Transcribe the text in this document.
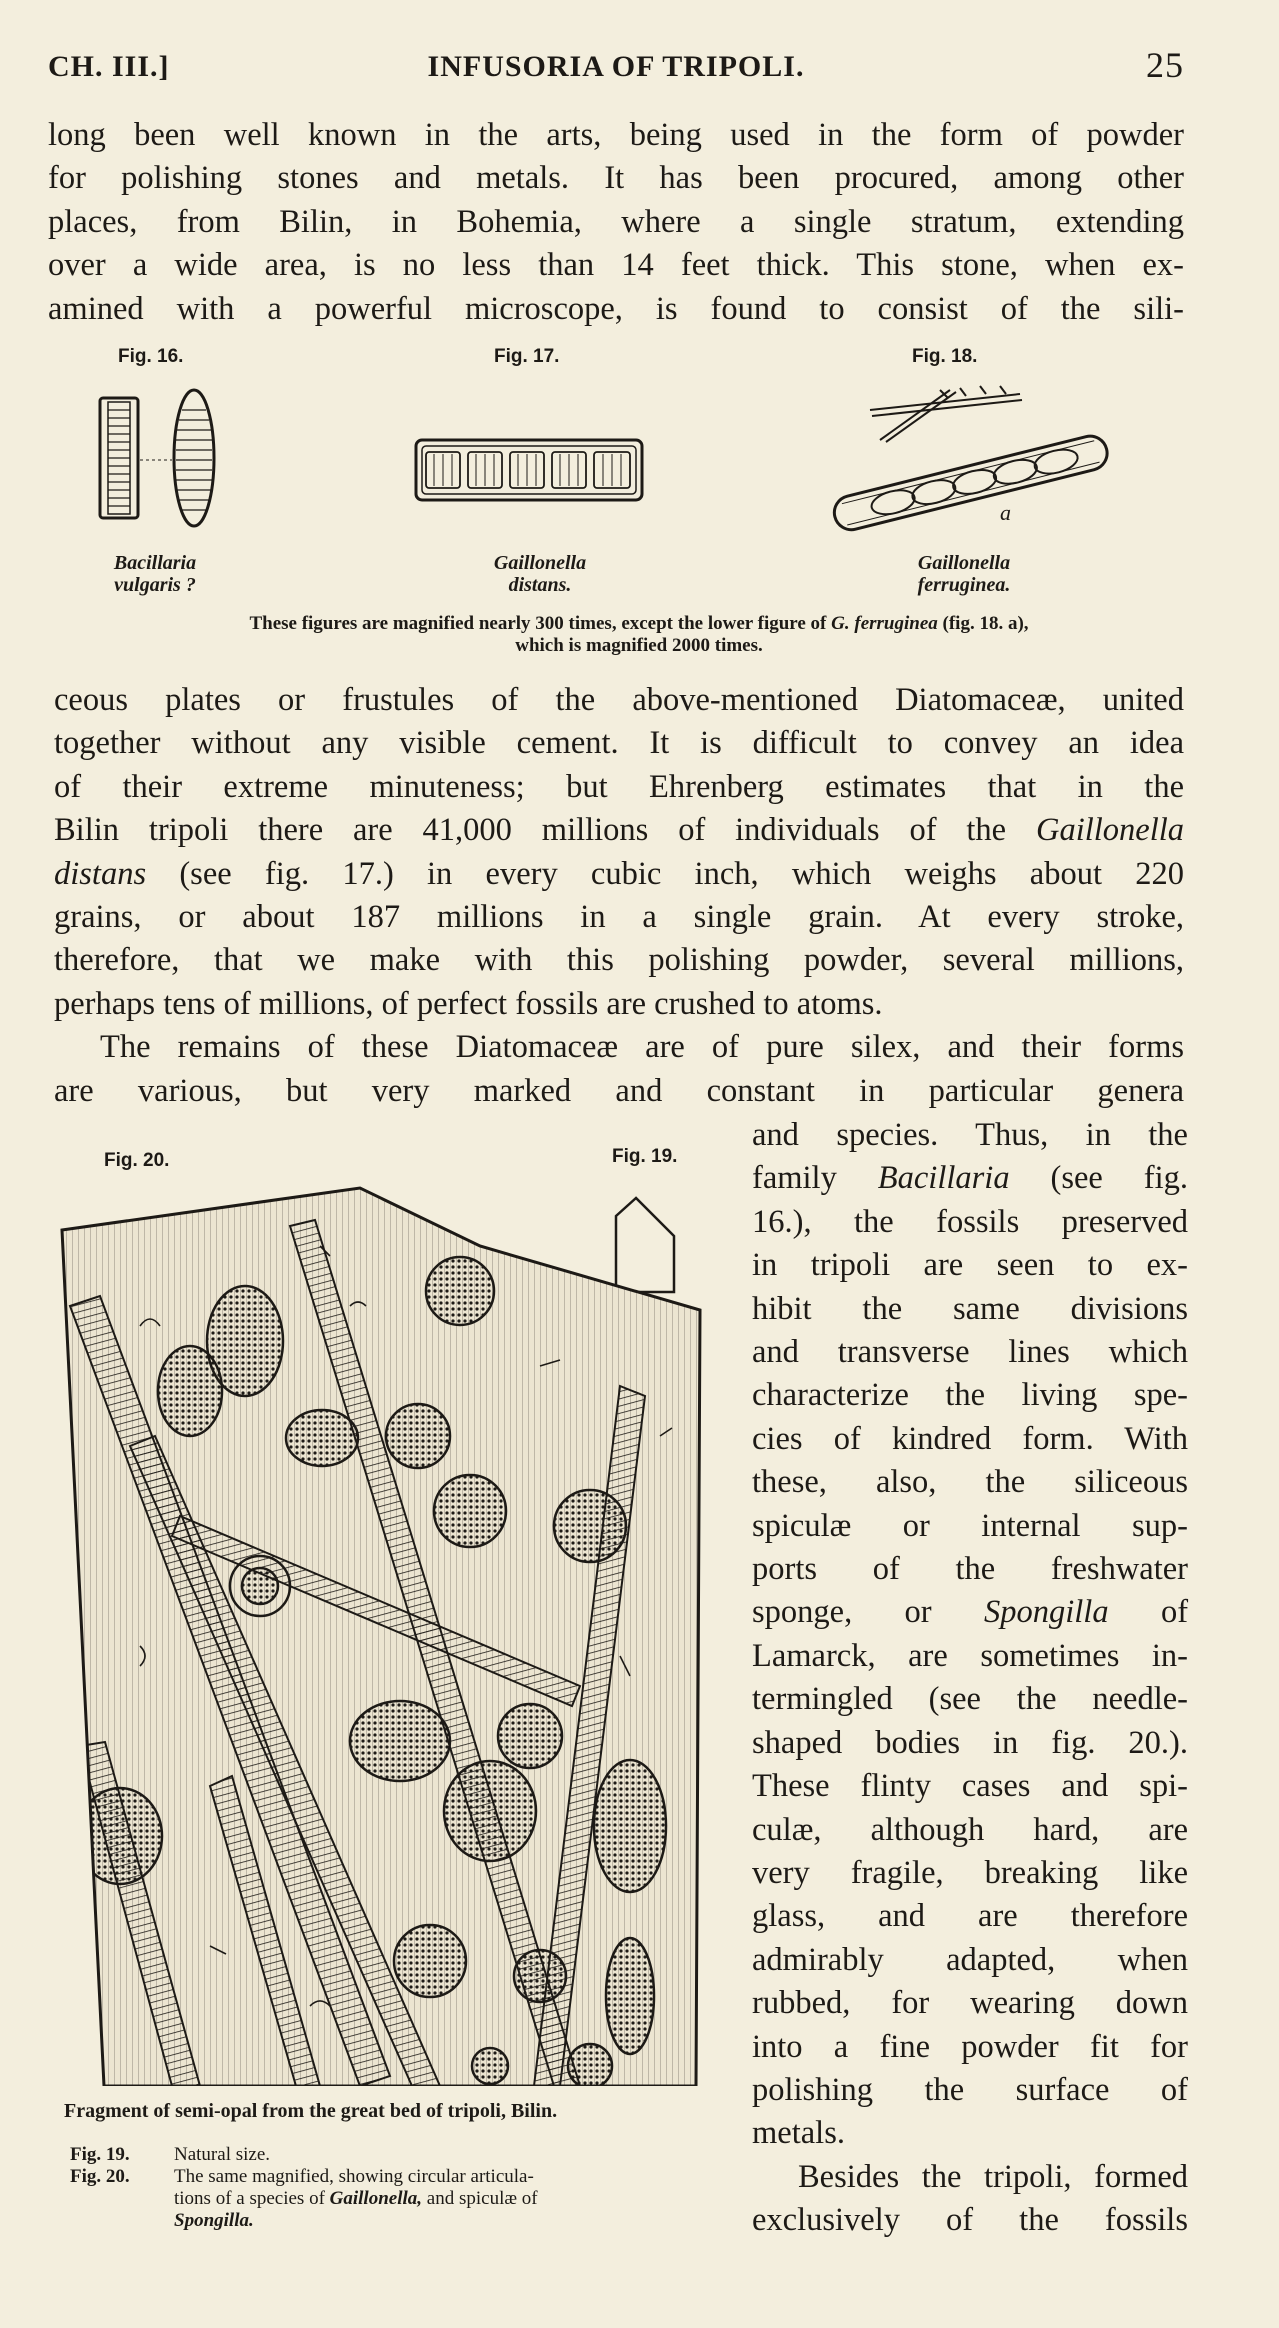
CH. III.]	INFUSORIA OF TRIPOLI.	25

long been well known in the arts, being used in the form of powder

for polishing stones and metals. It has been procured, among other

places, from Bilin, in Bohemia, where a single stratum, extending

over a wide area, is no less than 14 feet thick. This stone, when ex-

amined with a powerful microscope, is found to consist of the sili-

Fig. 16.	Fig. 17.	Fig. 18.
a
Bacillaria
vulgaris ?
Gaillonella
distans.
Gaillonella
ferruginea.
These figures are magnified nearly 300 times, except the lower figure of G. ferruginea (fig. 18. a),
which is magnified 2000 times.

ceous plates or frustules of the above-mentioned Diatomaceæ, united

together without any visible cement. It is difficult to convey an idea

of their extreme minuteness; but Ehrenberg estimates that in the

Bilin tripoli there are 41,000 millions of individuals of the Gaillonella

distans (see fig. 17.) in every cubic inch, which weighs about 220

grains, or about 187 millions in a single grain. At every stroke,

therefore, that we make with this polishing powder, several millions,

perhaps tens of millions, of perfect fossils are crushed to atoms.

The remains of these Diatomaceæ are of pure silex, and their forms

are various, but very marked and constant in particular genera

Fig. 20.	Fig. 19.
Fragment of semi-opal from the great bed of tripoli, Bilin.
Fig. 19.	Natural size.
Fig. 20.	The same magnified, showing circular articula-
tions of a species of Gaillonella, and spiculæ of
Spongilla.

and species. Thus, in the

family Bacillaria (see fig.

16.), the fossils preserved

in tripoli are seen to ex-

hibit the same divisions

and transverse lines which

characterize the living spe-

cies of kindred form. With

these, also, the siliceous

spiculæ or internal sup-

ports of the freshwater

sponge, or Spongilla of

Lamarck, are sometimes in-

termingled (see the needle-

shaped bodies in fig. 20.).

These flinty cases and spi-

culæ, although hard, are

very fragile, breaking like

glass, and are therefore

admirably adapted, when

rubbed, for wearing down

into a fine powder fit for

polishing the surface of

metals.

Besides the tripoli, formed

exclusively of the fossils
